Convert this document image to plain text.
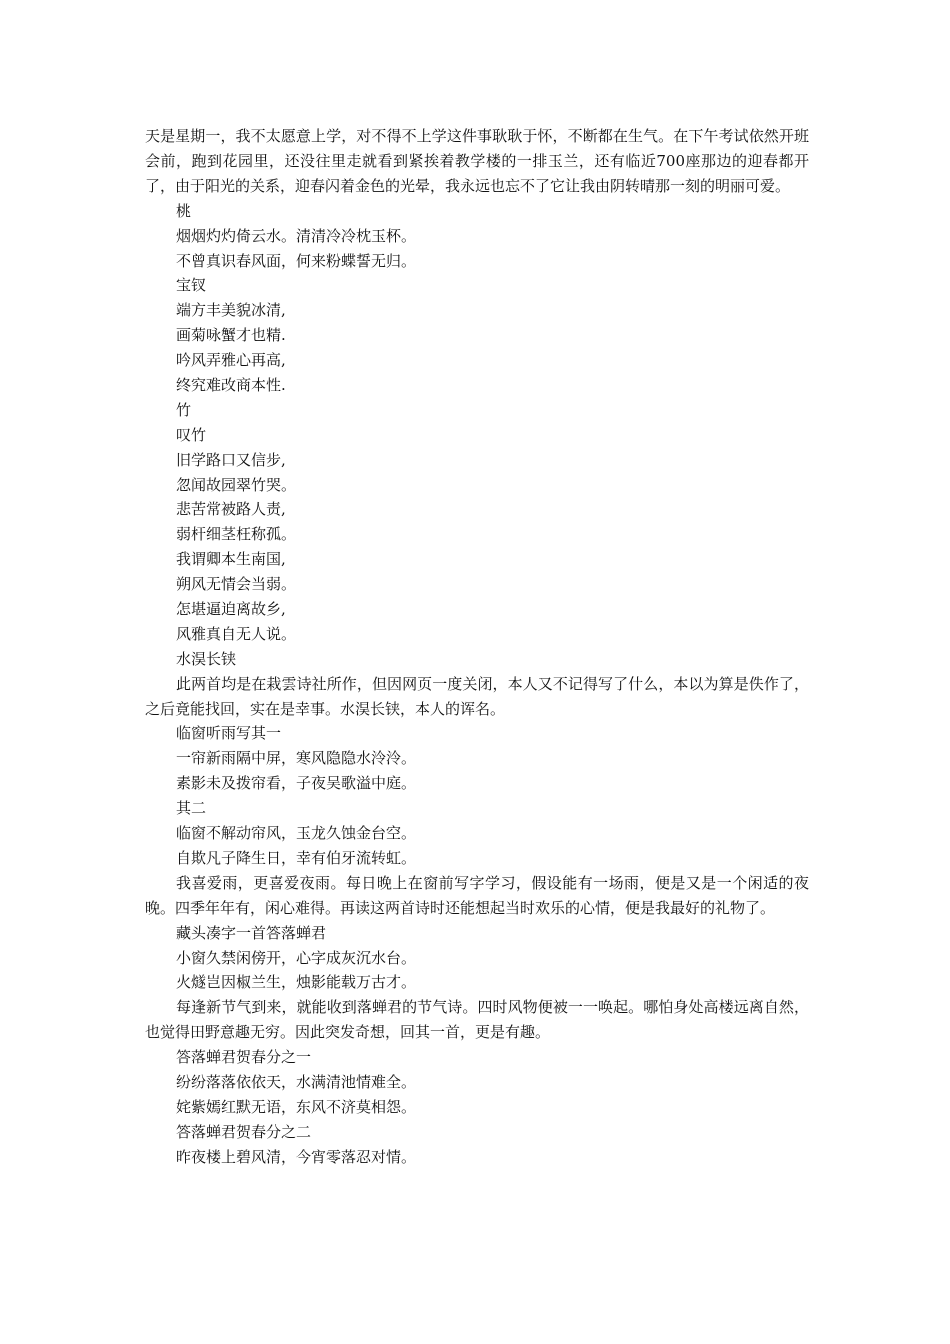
天是星期一，我不太愿意上学，对不得不上学这件事耿耿于怀，不断都在生气。在下午考试依然开班会前，跑到花园里，还没往里走就看到紧挨着教学楼的一排玉兰，还有临近700座那边的迎春都开了，由于阳光的关系，迎春闪着金色的光晕，我永远也忘不了它让我由阴转晴那一刻的明丽可爱。
桃
烟烟灼灼倚云水。清清冷冷枕玉杯。
不曾真识春风面，何来粉蝶誓无归。
宝钗
端方丰美貌冰清,
画菊咏蟹才也精.
吟风弄雅心再高,
终究难改商本性.
竹
叹竹
旧学路口又信步,
忽闻故园翠竹哭。
悲苦常被路人责,
弱杆细茎枉称孤。
我谓卿本生南国,
朔风无情会当弱。
怎堪逼迫离故乡,
风雅真自无人说。
水淏长铗
此两首均是在栽雲诗社所作，但因网页一度关闭，本人又不记得写了什么，本以为算是佚作了，之后竟能找回，实在是幸事。水淏长铗，本人的诨名。
临窗听雨写其一
一帘新雨隔中屏，寒风隐隐水泠泠。
素影未及拨帘看，子夜吴歌溢中庭。
其二
临窗不解动帘风，玉龙久蚀金台空。
自欺凡子降生日，幸有伯牙流转虹。
我喜爱雨，更喜爱夜雨。每日晚上在窗前写字学习，假设能有一场雨，便是又是一个闲适的夜晚。四季年年有，闲心难得。再读这两首诗时还能想起当时欢乐的心情，便是我最好的礼物了。
藏头凑字一首答落蝉君
小窗久禁闲傍开，心字成灰沉水台。
火燧岂因椒兰生，烛影能载万古才。
每逢新节气到来，就能收到落蝉君的节气诗。四时风物便被一一唤起。哪怕身处高楼远离自然，也觉得田野意趣无穷。因此突发奇想，回其一首，更是有趣。
答落蝉君贺春分之一
纷纷落落依依天，水满清池情难全。
姹紫嫣红默无语，东风不济莫相怨。
答落蝉君贺春分之二
昨夜楼上碧风清，今宵零落忍对情。
